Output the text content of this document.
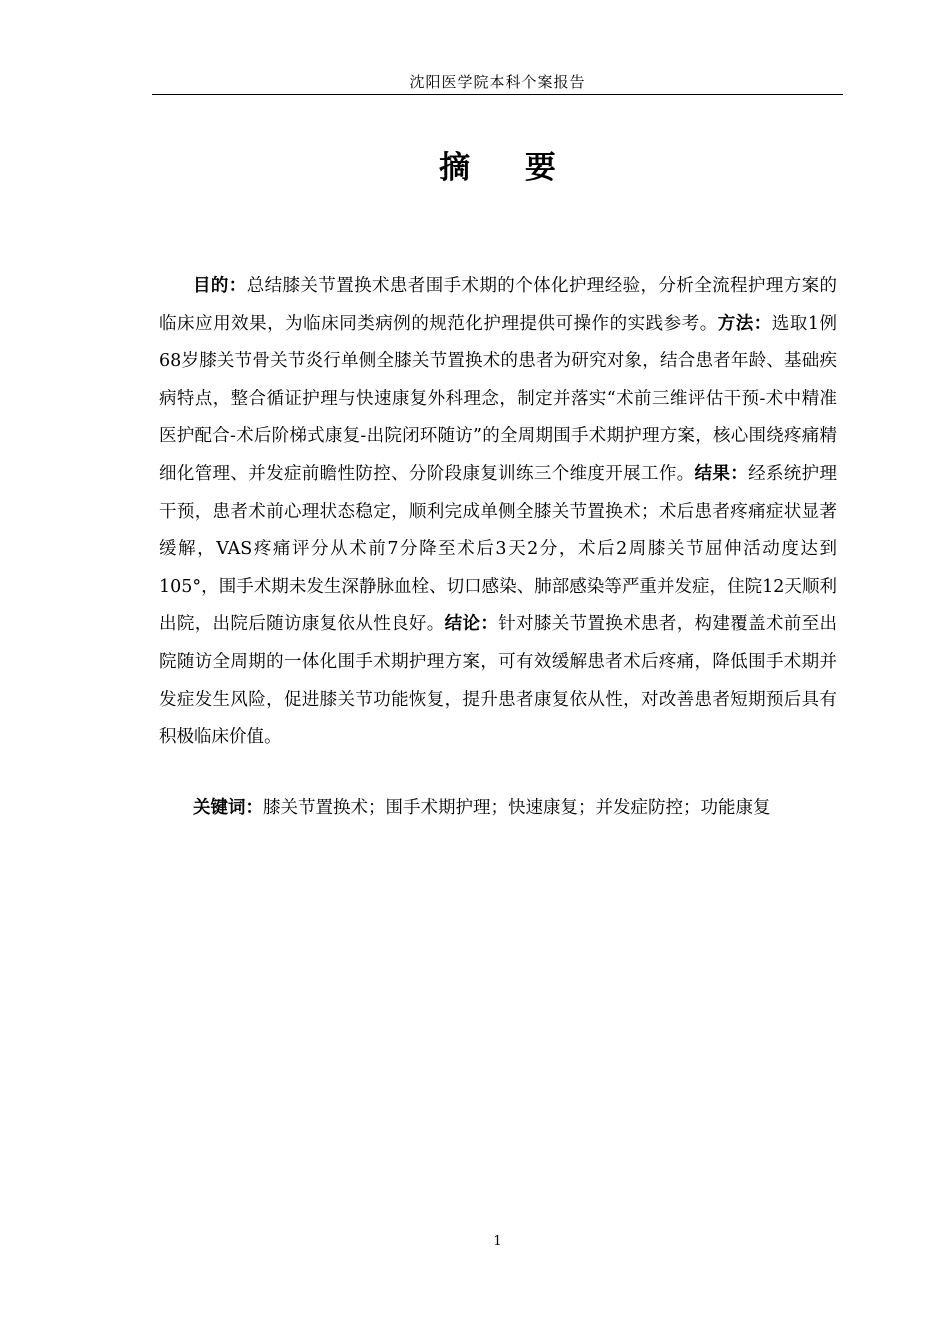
沈阳医学院本科个案报告
摘 要

目的：总结膝关节置换术患者围手术期的个体化护理经验，分析全流程护理方案的临床应用效果，为临床同类病例的规范化护理提供可操作的实践参考。方法：选取1例68岁膝关节骨关节炎行单侧全膝关节置换术的患者为研究对象，结合患者年龄、基础疾病特点，整合循证护理与快速康复外科理念，制定并落实“术前三维评估干预-术中精准医护配合-术后阶梯式康复-出院闭环随访”的全周期围手术期护理方案，核心围绕疼痛精细化管理、并发症前瞻性防控、分阶段康复训练三个维度开展工作。结果：经系统护理干预，患者术前心理状态稳定，顺利完成单侧全膝关节置换术；术后患者疼痛症状显著缓解，VAS疼痛评分从术前7分降至术后3天2分，术后2周膝关节屈伸活动度达到105°，围手术期未发生深静脉血栓、切口感染、肺部感染等严重并发症，住院12天顺利出院，出院后随访康复依从性良好。结论：针对膝关节置换术患者，构建覆盖术前至出院随访全周期的一体化围手术期护理方案，可有效缓解患者术后疼痛，降低围手术期并发症发生风险，促进膝关节功能恢复，提升患者康复依从性，对改善患者短期预后具有积极临床价值。

关键词：膝关节置换术；围手术期护理；快速康复；并发症防控；功能康复

1
